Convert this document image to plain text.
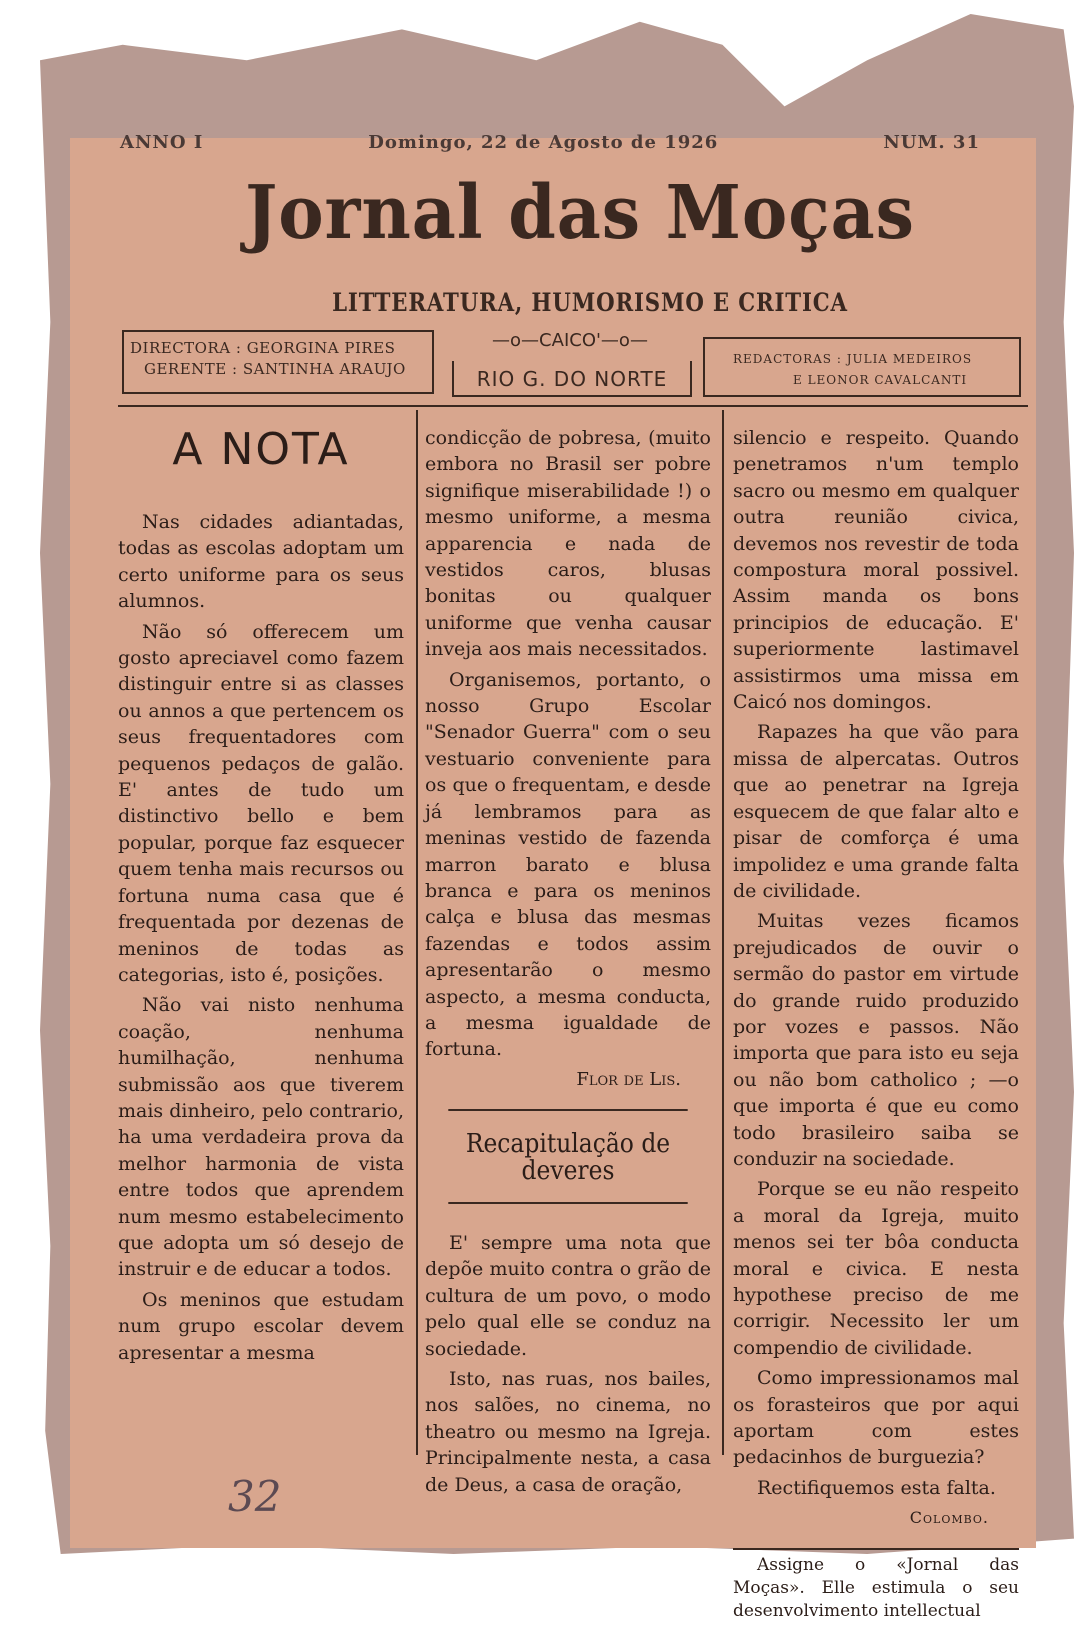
ANNO I	Domingo, 22 de Agosto de 1926	NUM. 31
Jornal das Moças
LITTERATURA, HUMORISMO E CRITICA
DIRECTORA : GEORGINA PIRES
GERENTE : SANTINHA ARAUJO
—o—CAICO'—o—
RIO G. DO NORTE
REDACTORAS : JULIA MEDEIROS
E LEONOR CAVALCANTI
A NOTA

Nas cidades adiantadas, todas as escolas adoptam um certo uniforme para os seus alumnos.

Não só offerecem um gosto apreciavel como fazem distinguir entre si as classes ou annos a que pertencem os seus frequentadores com pequenos pedaços de galão. E' antes de tudo um distinctivo bello e bem popular, porque faz esquecer quem tenha mais recursos ou fortuna numa casa que é frequentada por dezenas de meninos de todas as categorias, isto é, posições.

Não vai nisto nenhuma coação, nenhuma humilhação, nenhuma submissão aos que tiverem mais dinheiro, pelo contrario, ha uma verdadeira prova da melhor harmonia de vista entre todos que aprendem num mesmo estabelecimento que adopta um só desejo de instruir e de educar a todos.

Os meninos que estudam num grupo escolar devem apresentar a mesma

condicção de pobresa, (muito embora no Brasil ser pobre signifique miserabilidade !) o mesmo uniforme, a mesma apparencia e nada de vestidos caros, blusas bonitas ou qualquer uniforme que venha causar inveja aos mais necessitados.

Organisemos, portanto, o nosso Grupo Escolar "Senador Guerra" com o seu vestuario conveniente para os que o frequentam, e desde já lembramos para as meninas vestido de fazenda marron barato e blusa branca e para os meninos calça e blusa das mesmas fazendas e todos assim apresentarão o mesmo aspecto, a mesma conducta, a mesma igualdade de fortuna.

Flor de Lis.
Recapitulação de deveres

E' sempre uma nota que depõe muito contra o grão de cultura de um povo, o modo pelo qual elle se conduz na sociedade.

Isto, nas ruas, nos bailes, nos salões, no cinema, no theatro ou mesmo na Igreja. Principalmente nesta, a casa de Deus, a casa de oração,

silencio e respeito. Quando penetramos n'um templo sacro ou mesmo em qualquer outra reunião civica, devemos nos revestir de toda compostura moral possivel. Assim manda os bons principios de educação. E' superiormente lastimavel assistirmos uma missa em Caicó nos domingos.

Rapazes ha que vão para missa de alpercatas. Outros que ao penetrar na Igreja esquecem de que falar alto e pisar de comforça é uma impolidez e uma grande falta de civilidade.

Muitas vezes ficamos prejudicados de ouvir o sermão do pastor em virtude do grande ruido produzido por vozes e passos. Não importa que para isto eu seja ou não bom catholico ; —o que importa é que eu como todo brasileiro saiba se conduzir na sociedade.

Porque se eu não respeito a moral da Igreja, muito menos sei ter bôa conducta moral e civica. E nesta hypothese preciso de me corrigir. Necessito ler um compendio de civilidade.

Como impressionamos mal os forasteiros que por aqui aportam com estes pedacinhos de burguezia?

Rectifiquemos esta falta.

Colombo.

Assigne o «Jornal das Moças». Elle estimula o seu desenvolvimento intellectual

32
